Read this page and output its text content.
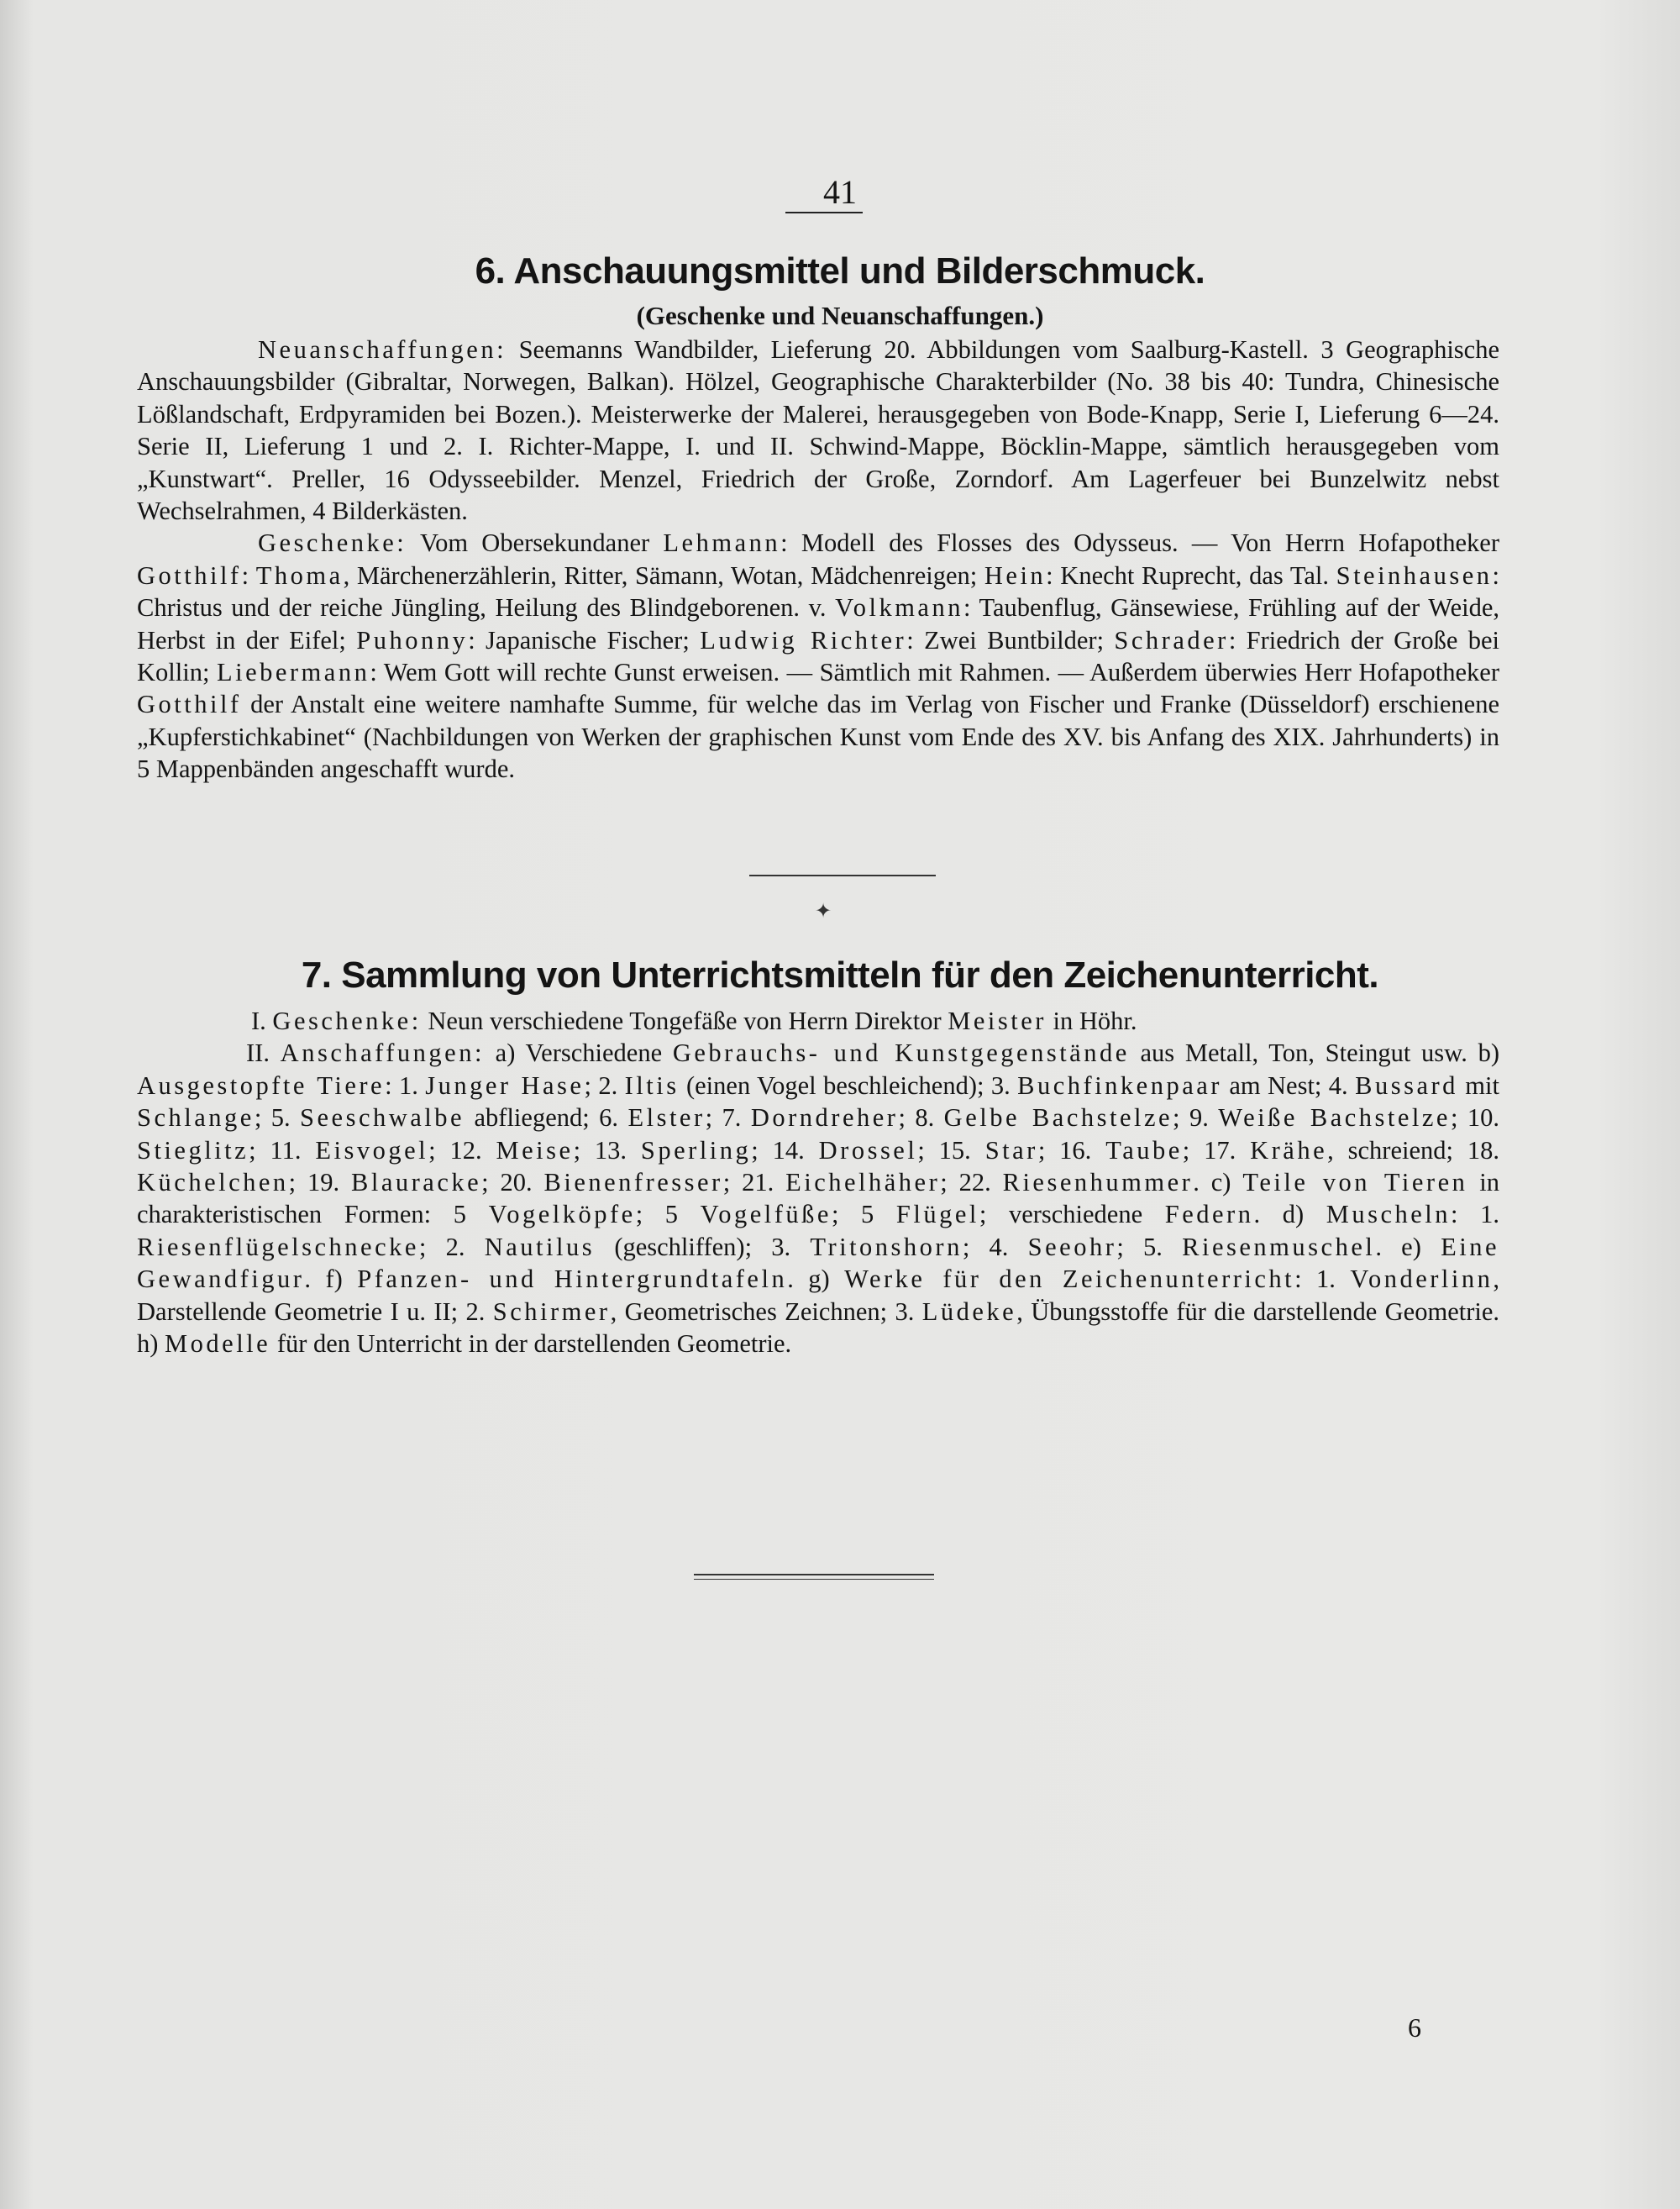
41
6. Anschauungsmittel und Bilderschmuck.
(Geschenke und Neuanschaffungen.)

Neuanschaffungen: Seemanns Wandbilder, Lieferung 20. Abbildungen vom Saalburg-Kastell. 3 Geographische Anschauungsbilder (Gibraltar, Norwegen, Balkan). Hölzel, Geographische Charakterbilder (No. 38 bis 40: Tundra, Chinesische Lößlandschaft, Erdpyramiden bei Bozen.). Meisterwerke der Malerei, herausgegeben von Bode-Knapp, Serie I, Lieferung 6—24. Serie II, Lieferung 1 und 2. I. Richter-Mappe, I. und II. Schwind-Mappe, Böcklin-Mappe, sämtlich herausgegeben vom „Kunstwart“. Preller, 16 Odysseebilder. Menzel, Friedrich der Große, Zorndorf. Am Lagerfeuer bei Bunzelwitz nebst Wechselrahmen, 4 Bilderkästen.

Geschenke: Vom Obersekundaner Lehmann: Modell des Flosses des Odysseus. — Von Herrn Hofapotheker Gotthilf: Thoma, Märchenerzählerin, Ritter, Sämann, Wotan, Mädchenreigen; Hein: Knecht Ruprecht, das Tal. Steinhausen: Christus und der reiche Jüngling, Heilung des Blindgeborenen. v. Volkmann: Taubenflug, Gänsewiese, Frühling auf der Weide, Herbst in der Eifel; Puhonny: Japanische Fischer; Ludwig Richter: Zwei Buntbilder; Schrader: Friedrich der Große bei Kollin; Liebermann: Wem Gott will rechte Gunst erweisen. — Sämtlich mit Rahmen. — Außerdem überwies Herr Hofapotheker Gotthilf der Anstalt eine weitere namhafte Summe, für welche das im Verlag von Fischer und Franke (Düsseldorf) erschienene „Kupferstichkabinet“ (Nachbildungen von Werken der graphischen Kunst vom Ende des XV. bis Anfang des XIX. Jahrhunderts) in 5 Mappenbänden angeschafft wurde.

✦
7. Sammlung von Unterrichtsmitteln für den Zeichenunterricht.

I. Geschenke: Neun verschiedene Tongefäße von Herrn Direktor Meister in Höhr.

II. Anschaffungen: a) Verschiedene Gebrauchs- und Kunstgegenstände aus Metall, Ton, Steingut usw. b) Ausgestopfte Tiere: 1. Junger Hase; 2. Iltis (einen Vogel beschleichend); 3. Buchfinkenpaar am Nest; 4. Bussard mit Schlange; 5. Seeschwalbe abfliegend; 6. Elster; 7. Dorndreher; 8. Gelbe Bachstelze; 9. Weiße Bachstelze; 10. Stieglitz; 11. Eisvogel; 12. Meise; 13. Sperling; 14. Drossel; 15. Star; 16. Taube; 17. Krähe, schreiend; 18. Küchelchen; 19. Blauracke; 20. Bienenfresser; 21. Eichelhäher; 22. Riesenhummer. c) Teile von Tieren in charakteristischen Formen: 5 Vogelköpfe; 5 Vogelfüße; 5 Flügel; verschiedene Federn. d) Muscheln: 1. Riesenflügelschnecke; 2. Nautilus (geschliffen); 3. Tritonshorn; 4. Seeohr; 5. Riesenmuschel. e) Eine Gewandfigur. f) Pfanzen- und Hintergrundtafeln. g) Werke für den Zeichenunterricht: 1. Vonderlinn, Darstellende Geometrie I u. II; 2. Schirmer, Geometrisches Zeichnen; 3. Lüdeke, Übungsstoffe für die darstellende Geometrie. h) Modelle für den Unterricht in der darstellenden Geometrie.

6
